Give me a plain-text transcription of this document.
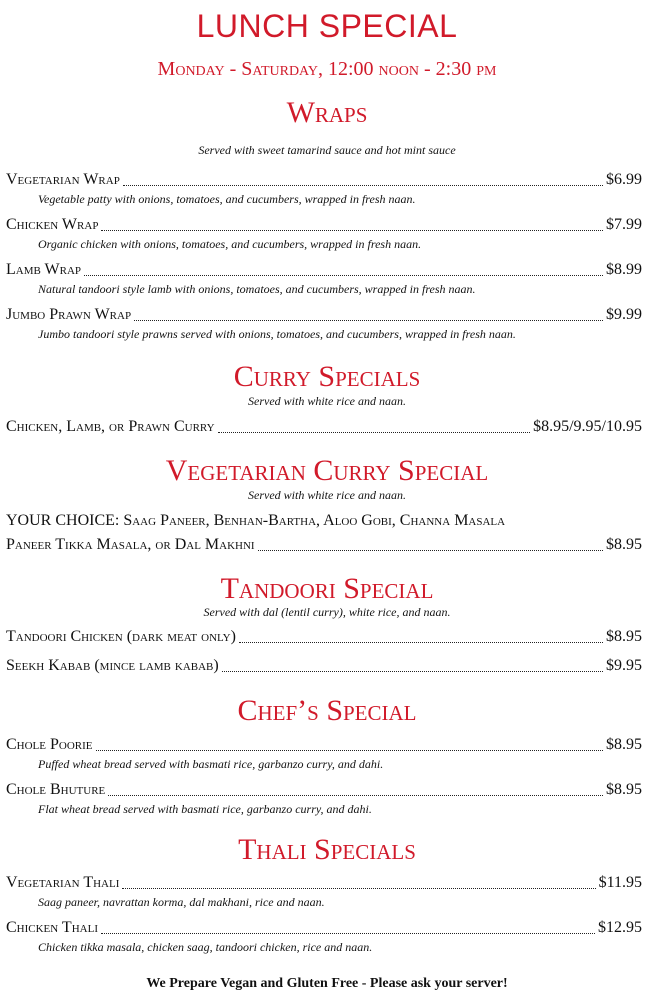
LUNCH SPECIAL
Monday - Saturday, 12:00 noon - 2:30 pm
Wraps
Served with sweet tamarind sauce and hot mint sauce
Vegetarian Wrap	$6.99
Vegetable patty with onions, tomatoes, and cucumbers, wrapped in fresh naan.
Chicken Wrap	$7.99
Organic chicken with onions, tomatoes, and cucumbers, wrapped in fresh naan.
Lamb Wrap	$8.99
Natural tandoori style lamb with onions, tomatoes, and cucumbers, wrapped in fresh naan.
Jumbo Prawn Wrap	$9.99
Jumbo tandoori style prawns served with onions, tomatoes, and cucumbers, wrapped in fresh naan.
Curry Specials
Served with white rice and naan.
Chicken, Lamb, or Prawn Curry	$8.95/9.95/10.95
Vegetarian Curry Special
Served with white rice and naan.
YOUR CHOICE: Saag Paneer, Benhan-Bartha, Aloo Gobi, Channa Masala
Paneer Tikka Masala, or Dal Makhni	$8.95
Tandoori Special
Served with dal (lentil curry), white rice, and naan.
Tandoori Chicken (dark meat only)	$8.95
Seekh Kabab (mince lamb kabab)	$9.95
Chef’s Special
Chole Poorie	$8.95
Puffed wheat bread served with basmati rice, garbanzo curry, and dahi.
Chole Bhuture	$8.95
Flat wheat bread served with basmati rice, garbanzo curry, and dahi.
Thali Specials
Vegetarian Thali	$11.95
Saag paneer, navrattan korma, dal makhani, rice and naan.
Chicken Thali	$12.95
Chicken tikka masala, chicken saag, tandoori chicken, rice and naan.
We Prepare Vegan and Gluten Free - Please ask your server!
